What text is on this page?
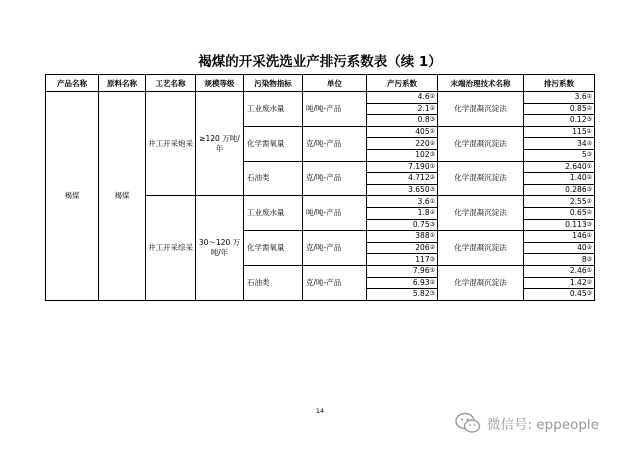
褐煤的开采洗选业产排污系数表（续 1）
产品名称	原料名称	工艺名称	规模等级	污染物指标	单位	产污系数	末端治理技术名称	排污系数
褐煤	褐煤	井工开采炮采	≥120 万吨/年	工业废水量	吨/吨-产品	4.6①	化学混凝沉淀法	3.6①
						2.1②		0.85②
						0.8③		0.12③
				化学需氧量	克/吨-产品	405①	化学混凝沉淀法	115①
						220②		34②
						102③		5③
				石油类	克/吨-产品	7.190①	化学混凝沉淀法	2.640①
						4.712②		1.40②
						3.650③		0.286③
		井工开采综采	30～120 万吨/年	工业废水量	吨/吨-产品	3.6①	化学混凝沉淀法	2.55①
						1.8②		0.65②
						0.75③		0.113③
				化学需氧量	克/吨-产品	388①	化学混凝沉淀法	146①
						206②		40②
						117③		8③
				石油类	克/吨-产品	7.96①	化学混凝沉淀法	2.46①
						6.93②		1.42②
						5.82③		0.45③
14
微信号: eppeople
